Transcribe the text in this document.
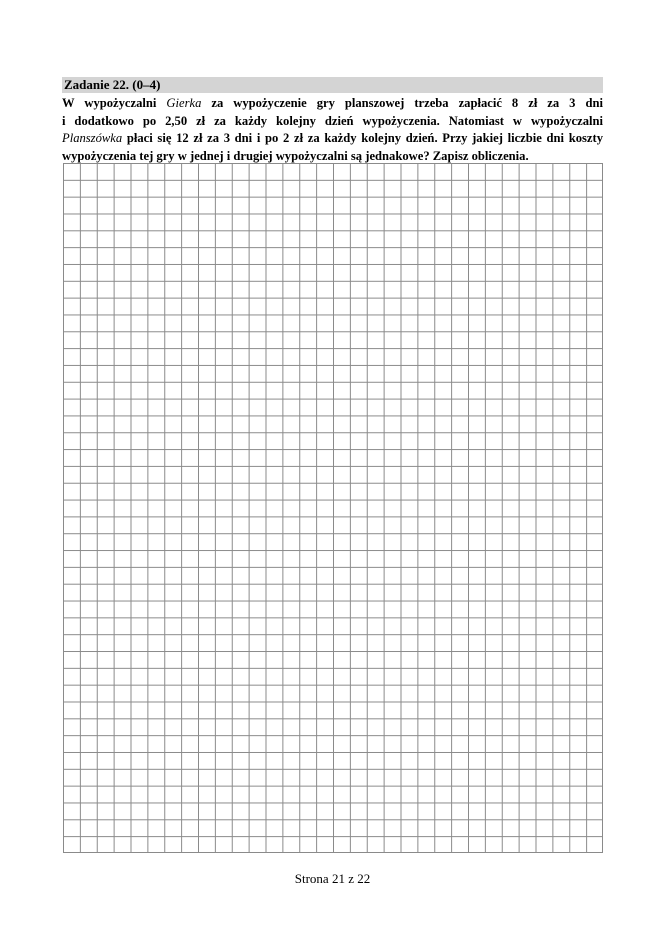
Zadanie 22. (0–4)
W wypożyczalni Gierka za wypożyczenie gry planszowej trzeba zapłacić 8 zł za 3 dni
i dodatkowo po 2,50 zł za każdy kolejny dzień wypożyczenia. Natomiast w wypożyczalni
Planszówka płaci się 12 zł za 3 dni i po 2 zł za każdy kolejny dzień. Przy jakiej liczbie dni koszty
wypożyczenia tej gry w jednej i drugiej wypożyczalni są jednakowe? Zapisz obliczenia.
Strona 21 z 22
